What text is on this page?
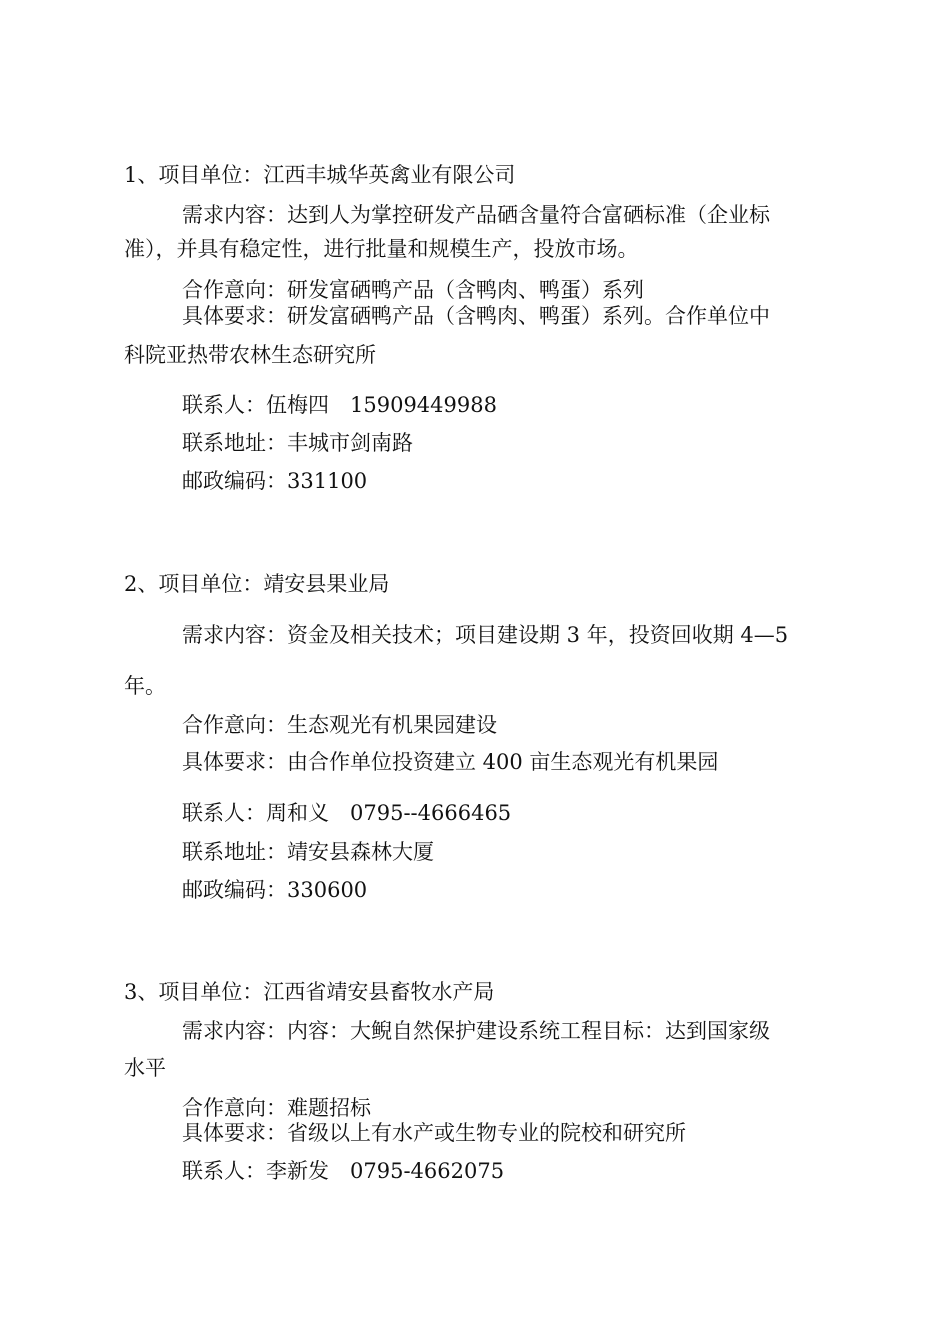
1、项目单位：江西丰城华英禽业有限公司

需求内容：达到人为掌控研发产品硒含量符合富硒标准（企业标

准），并具有稳定性，进行批量和规模生产，投放市场。

合作意向：研发富硒鸭产品（含鸭肉、鸭蛋）系列

具体要求：研发富硒鸭产品（含鸭肉、鸭蛋）系列。合作单位中

科院亚热带农林生态研究所

联系人：伍梅四　15909449988

联系地址：丰城市剑南路

邮政编码：331100

2、项目单位：靖安县果业局

需求内容：资金及相关技术；项目建设期 3 年，投资回收期 4—5

年。

合作意向：生态观光有机果园建设

具体要求：由合作单位投资建立 400 亩生态观光有机果园

联系人：周和义　0795--4666465

联系地址：靖安县森林大厦

邮政编码：330600

3、项目单位：江西省靖安县畜牧水产局

需求内容：内容：大鲵自然保护建设系统工程目标：达到国家级

水平

合作意向：难题招标

具体要求：省级以上有水产或生物专业的院校和研究所

联系人：李新发　0795-4662075
